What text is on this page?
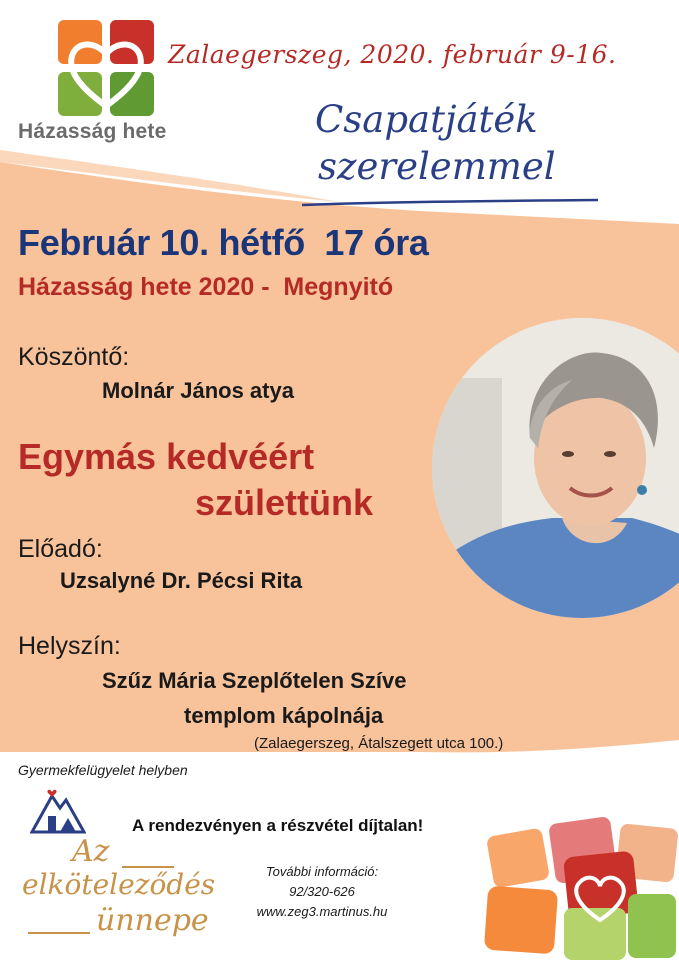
Házasság hete
Zalaegerszeg, 2020. február 9-16.
Csapatjáték
szerelemmel
Február 10. hétfő  17 óra
Házasság hete 2020 -  Megnyitó
Köszöntő:
Molnár János atya
Egymás kedvéért
születtünk
Előadó:
Uzsalyné Dr. Pécsi Rita
Helyszín:
Szűz Mária Szeplőtelen Szíve
templom kápolnája
(Zalaegerszeg, Átalszegett utca 100.)
Gyermekfelügyelet helyben
A rendezvényen a részvétel díjtalan!
Az
elköteleződés
ünnepe
További információ:
92/320-626
www.zeg3.martinus.hu
